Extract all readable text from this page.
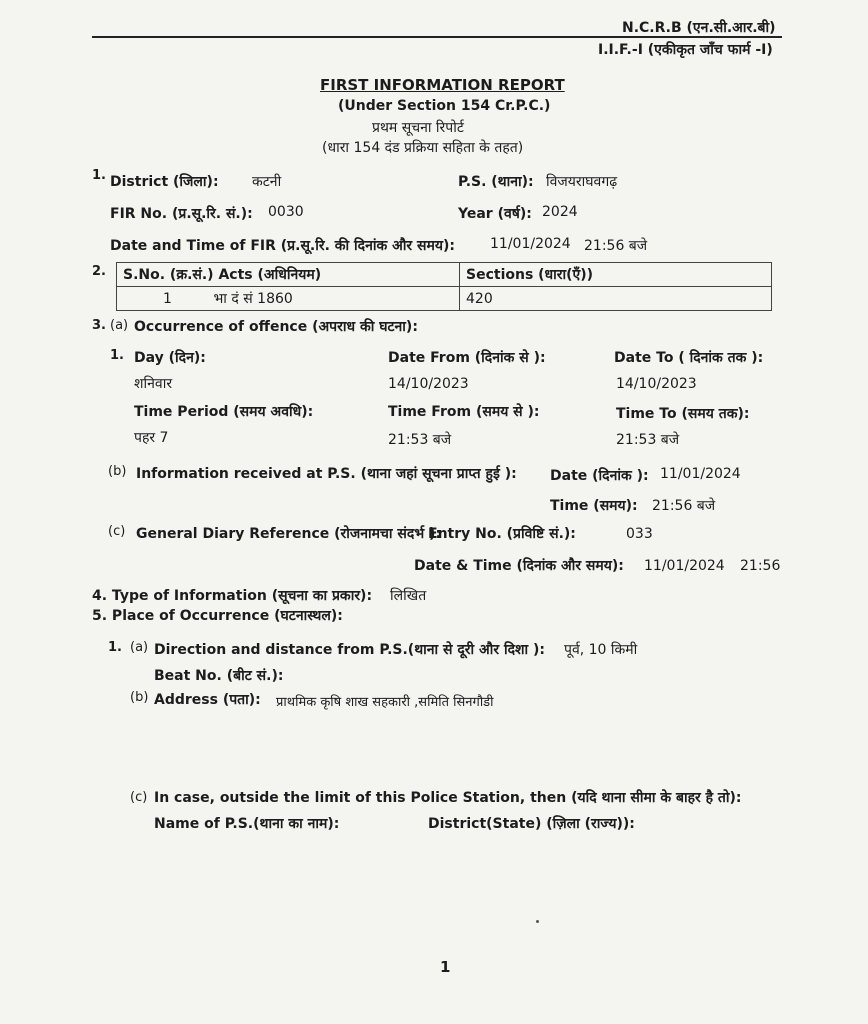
N.C.R.B (एन.सी.आर.बी)
I.I.F.-I (एकीकृत जाँच फार्म -I)
FIRST INFORMATION REPORT
(Under Section 154 Cr.P.C.)
प्रथम सूचना रिपोर्ट
(धारा 154 दंड प्रक्रिया सहिता के तहत)
1. District (जिला): कटनी	P.S. (थाना): विजयराघवगढ़
FIR No. (प्र.सू.रि. सं.): 0030	Year (वर्ष): 2024
Date and Time of FIR (प्र.सू.रि. की दिनांक और समय):	11/01/2024 21:56 बजे
2. S.No. (क्र.सं.) Acts (अधिनियम)	Sections (धारा(एँ))
1 भा दं सं 1860	420
3. (a) Occurrence of offence (अपराध की घटना):
1. Day (दिन):	Date From (दिनांक से ):	Date To ( दिनांक तक ):
शनिवार	14/10/2023	14/10/2023
Time Period (समय अवधि):	Time From (समय से ):	Time To (समय तक):
पहर 7	21:53 बजे	21:53 बजे
(b) Information received at P.S. (थाना जहां सूचना प्राप्त हुई ): Date (दिनांक ): 11/01/2024
Time (समय): 21:56 बजे
(c) General Diary Reference (रोजनामचा संदर्भ ):
Entry No. (प्रविष्टि सं.):	033
Date & Time (दिनांक और समय): 11/01/2024 21:56
4. Type of Information (सूचना का प्रकार): लिखित
5. Place of Occurrence (घटनास्थल):
1. (a) Direction and distance from P.S.(थाना से दूरी और दिशा ): पूर्व, 10 किमी
Beat No. (बीट सं.):
(b) Address (पता): प्राथमिक कृषि शाख सहकारी ,समिति सिनगौडी
(c) In case, outside the limit of this Police Station, then (यदि थाना सीमा के बाहर है तो):
Name of P.S.(थाना का नाम):	District(State) (ज़िला (राज्य)):
1
